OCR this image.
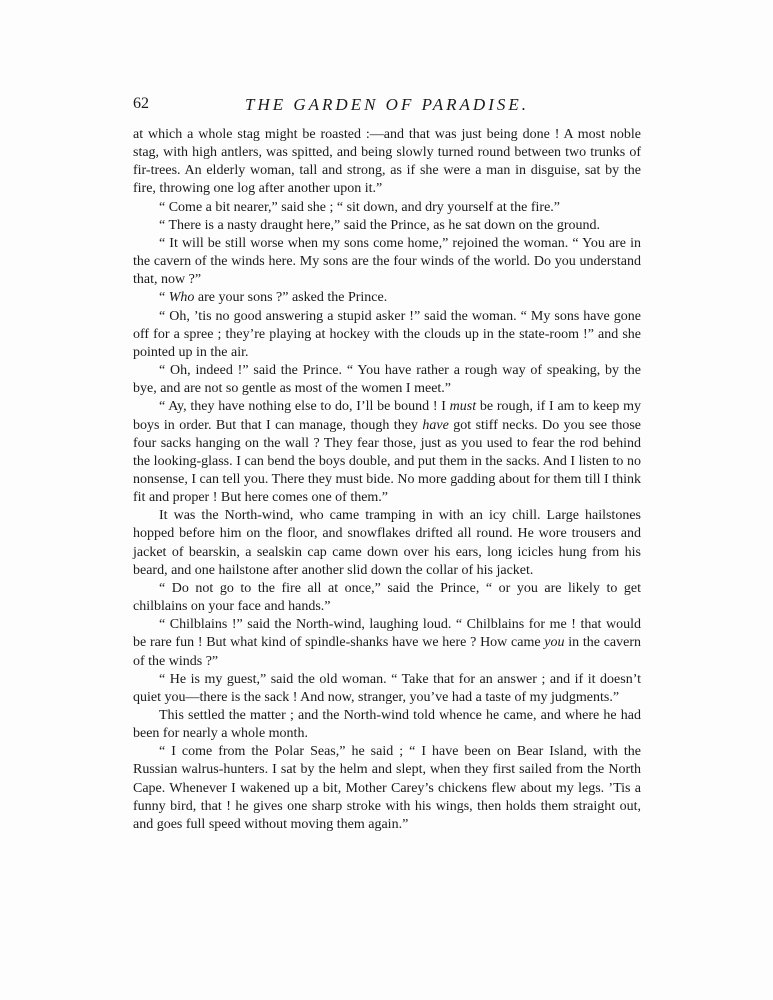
62	THE GARDEN OF PARADISE.

at which a whole stag might be roasted :—and that was just being done ! A most noble stag, with high antlers, was spitted, and being slowly turned round between two trunks of fir-trees. An elderly woman, tall and strong, as if she were a man in disguise, sat by the fire, throwing one log after another upon it.”

“ Come a bit nearer,” said she ; “ sit down, and dry yourself at the fire.”

“ There is a nasty draught here,” said the Prince, as he sat down on the ground.

“ It will be still worse when my sons come home,” rejoined the woman. “ You are in the cavern of the winds here. My sons are the four winds of the world. Do you understand that, now ?”

“ Who are your sons ?” asked the Prince.

“ Oh, ’tis no good answering a stupid asker !” said the woman. “ My sons have gone off for a spree ; they’re playing at hockey with the clouds up in the state-room !” and she pointed up in the air.

“ Oh, indeed !” said the Prince. “ You have rather a rough way of speaking, by the bye, and are not so gentle as most of the women I meet.”

“ Ay, they have nothing else to do, I’ll be bound ! I must be rough, if I am to keep my boys in order. But that I can manage, though they have got stiff necks. Do you see those four sacks hanging on the wall ? They fear those, just as you used to fear the rod behind the looking-glass. I can bend the boys double, and put them in the sacks. And I listen to no nonsense, I can tell you. There they must bide. No more gadding about for them till I think fit and proper ! But here comes one of them.”

It was the North-wind, who came tramping in with an icy chill. Large hailstones hopped before him on the floor, and snowflakes drifted all round. He wore trousers and jacket of bearskin, a sealskin cap came down over his ears, long icicles hung from his beard, and one hailstone after another slid down the collar of his jacket.

“ Do not go to the fire all at once,” said the Prince, “ or you are likely to get chilblains on your face and hands.”

“ Chilblains !” said the North-wind, laughing loud. “ Chilblains for me ! that would be rare fun ! But what kind of spindle-shanks have we here ? How came you in the cavern of the winds ?”

“ He is my guest,” said the old woman. “ Take that for an answer ; and if it doesn’t quiet you—there is the sack ! And now, stranger, you’ve had a taste of my judgments.”

This settled the matter ; and the North-wind told whence he came, and where he had been for nearly a whole month.

“ I come from the Polar Seas,” he said ; “ I have been on Bear Island, with the Russian walrus-hunters. I sat by the helm and slept, when they first sailed from the North Cape. Whenever I wakened up a bit, Mother Carey’s chickens flew about my legs. ’Tis a funny bird, that ! he gives one sharp stroke with his wings, then holds them straight out, and goes full speed without moving them again.”
